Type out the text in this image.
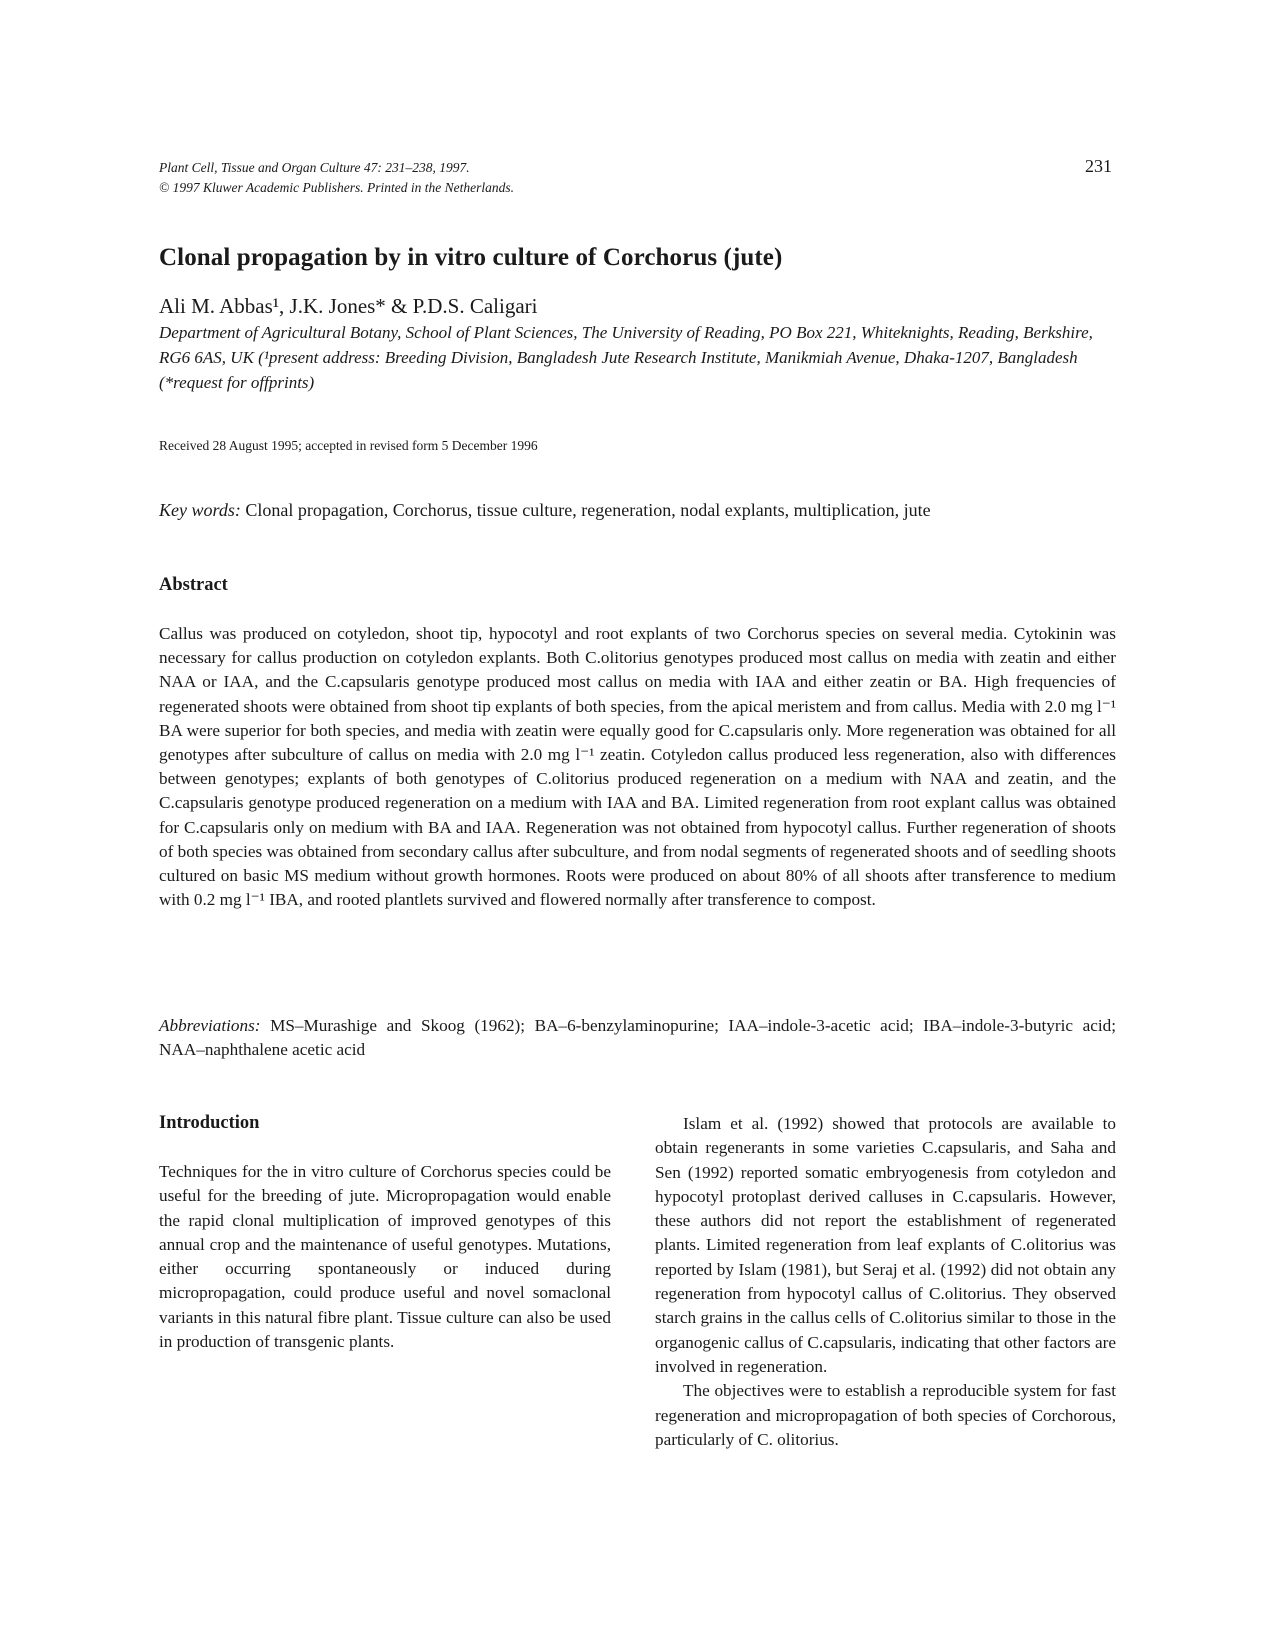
Plant Cell, Tissue and Organ Culture 47: 231–238, 1997.
© 1997 Kluwer Academic Publishers. Printed in the Netherlands.
231
Clonal propagation by in vitro culture of Corchorus (jute)
Ali M. Abbas¹, J.K. Jones* & P.D.S. Caligari
Department of Agricultural Botany, School of Plant Sciences, The University of Reading, PO Box 221, Whiteknights, Reading, Berkshire, RG6 6AS, UK (¹present address: Breeding Division, Bangladesh Jute Research Institute, Manikmiah Avenue, Dhaka-1207, Bangladesh (*request for offprints)
Received 28 August 1995; accepted in revised form 5 December 1996
Key words: Clonal propagation, Corchorus, tissue culture, regeneration, nodal explants, multiplication, jute
Abstract

Callus was produced on cotyledon, shoot tip, hypocotyl and root explants of two Corchorus species on several media. Cytokinin was necessary for callus production on cotyledon explants. Both C.olitorius genotypes produced most callus on media with zeatin and either NAA or IAA, and the C.capsularis genotype produced most callus on media with IAA and either zeatin or BA. High frequencies of regenerated shoots were obtained from shoot tip explants of both species, from the apical meristem and from callus. Media with 2.0 mg l⁻¹ BA were superior for both species, and media with zeatin were equally good for C.capsularis only. More regeneration was obtained for all genotypes after subculture of callus on media with 2.0 mg l⁻¹ zeatin. Cotyledon callus produced less regeneration, also with differences between genotypes; explants of both genotypes of C.olitorius produced regeneration on a medium with NAA and zeatin, and the C.capsularis genotype produced regeneration on a medium with IAA and BA. Limited regeneration from root explant callus was obtained for C.capsularis only on medium with BA and IAA. Regeneration was not obtained from hypocotyl callus. Further regeneration of shoots of both species was obtained from secondary callus after subculture, and from nodal segments of regenerated shoots and of seedling shoots cultured on basic MS medium without growth hormones. Roots were produced on about 80% of all shoots after transference to medium with 0.2 mg l⁻¹ IBA, and rooted plantlets survived and flowered normally after transference to compost.

Abbreviations: MS–Murashige and Skoog (1962); BA–6-benzylaminopurine; IAA–indole-3-acetic acid; IBA–indole-3-butyric acid; NAA–naphthalene acetic acid

Introduction

Techniques for the in vitro culture of Corchorus species could be useful for the breeding of jute. Micropropagation would enable the rapid clonal multiplication of improved genotypes of this annual crop and the maintenance of useful genotypes. Mutations, either occurring spontaneously or induced during micropropagation, could produce useful and novel somaclonal variants in this natural fibre plant. Tissue culture can also be used in production of transgenic plants.

Islam et al. (1992) showed that protocols are available to obtain regenerants in some varieties C.capsularis, and Saha and Sen (1992) reported somatic embryogenesis from cotyledon and hypocotyl protoplast derived calluses in C.capsularis. However, these authors did not report the establishment of regenerated plants. Limited regeneration from leaf explants of C.olitorius was reported by Islam (1981), but Seraj et al. (1992) did not obtain any regeneration from hypocotyl callus of C.olitorius. They observed starch grains in the callus cells of C.olitorius similar to those in the organogenic callus of C.capsularis, indicating that other factors are involved in regeneration.

The objectives were to establish a reproducible system for fast regeneration and micropropagation of both species of Corchorous, particularly of C. olitorius.
